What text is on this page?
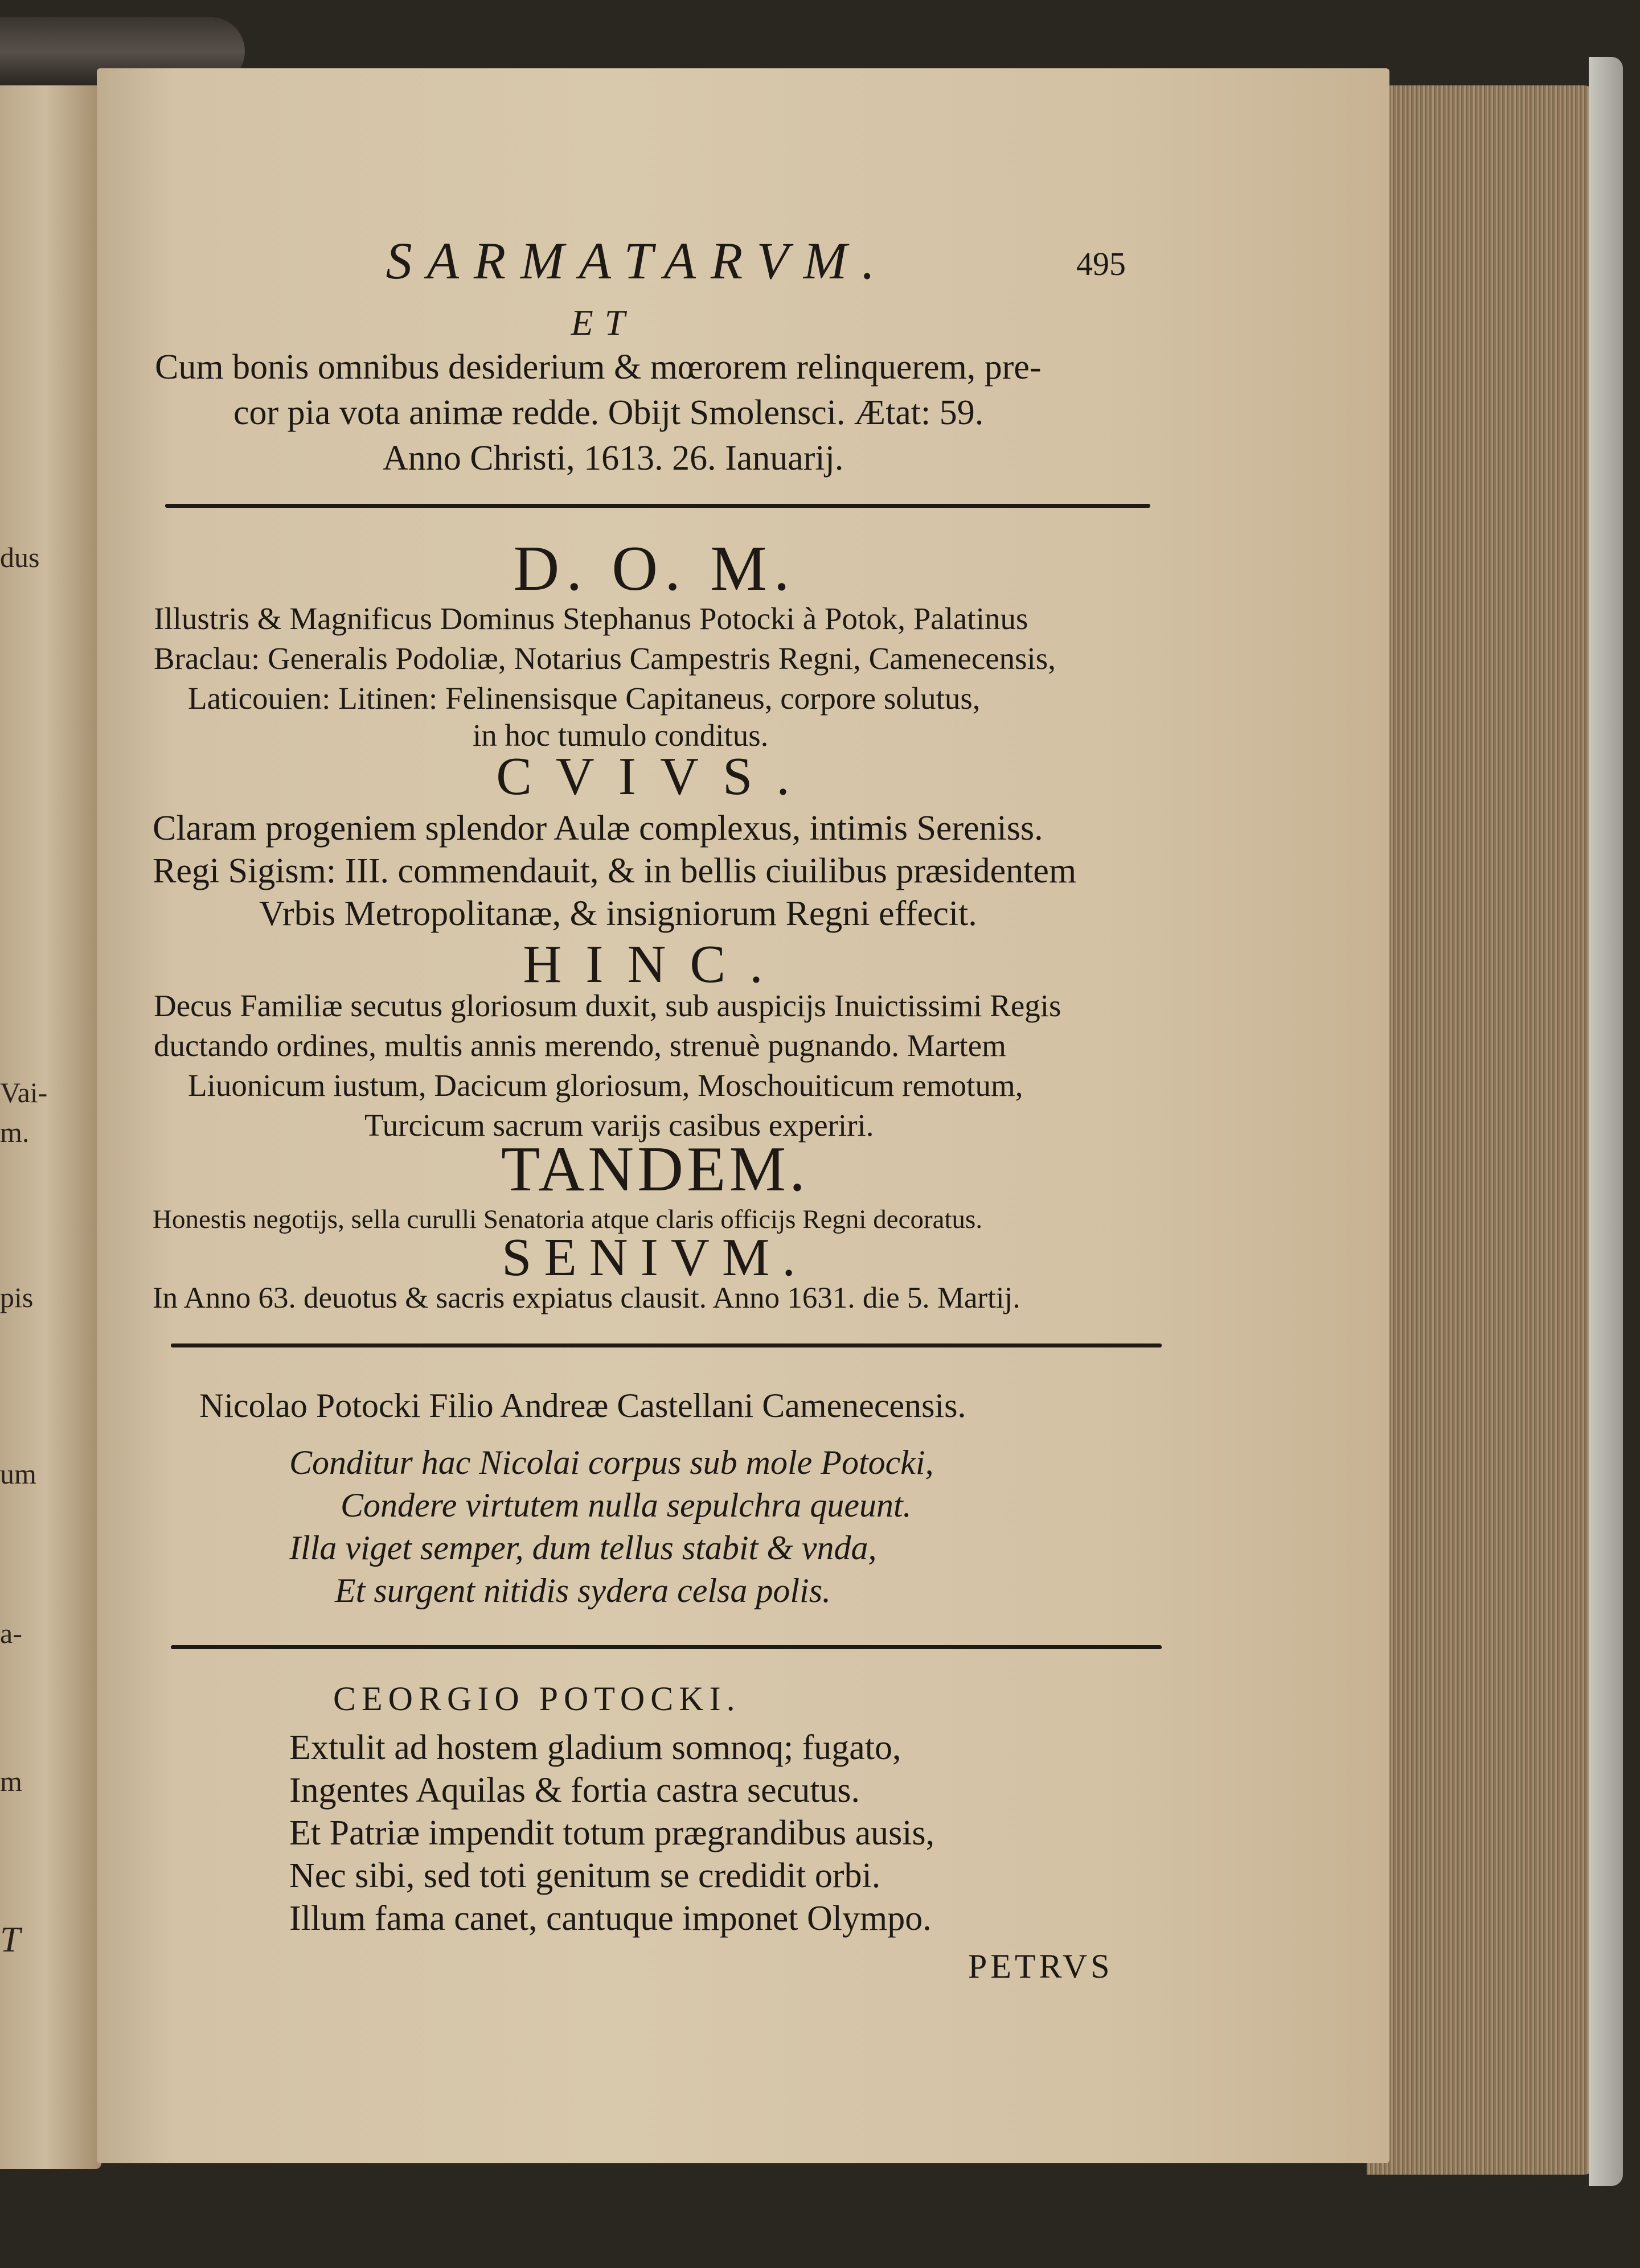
dus
Vai-
m.
pis
um
a-
m
T
SARMATARVM.	495
ET
Cum bonis omnibus desiderium & mœrorem relinquerem, pre-
cor pia vota animæ redde. Obijt Smolensci. Ætat: 59.
Anno Christi, 1613. 26. Ianuarij.
D. O. M.
Illustris & Magnificus Dominus Stephanus Potocki à Potok, Palatinus
Braclau: Generalis Podoliæ, Notarius Campestris Regni, Camenecensis,
Laticouien: Litinen: Felinensisque Capitaneus, corpore solutus,
in hoc tumulo conditus.
CVIVS.
Claram progeniem splendor Aulæ complexus, intimis Sereniss.
Regi Sigism: III. commendauit, & in bellis ciuilibus præsidentem
Vrbis Metropolitanæ, & insigniorum Regni effecit.
HINC.
Decus Familiæ secutus gloriosum duxit, sub auspicijs Inuictissimi Regis
ductando ordines, multis annis merendo, strenuè pugnando. Martem
Liuonicum iustum, Dacicum gloriosum, Moschouiticum remotum,
Turcicum sacrum varijs casibus experiri.
TANDEM.
Honestis negotijs, sella curulli Senatoria atque claris officijs Regni decoratus.
SENIVM.
In Anno 63. deuotus & sacris expiatus clausit. Anno 1631. die 5. Martij.
Nicolao Potocki Filio Andreæ Castellani Camenecensis.
Conditur hac Nicolai corpus sub mole Potocki,
Condere virtutem nulla sepulchra queunt.
Illa viget semper, dum tellus stabit & vnda,
Et surgent nitidis sydera celsa polis.
CEORGIO POTOCKI.
Extulit ad hostem gladium somnoq; fugato,
Ingentes Aquilas & fortia castra secutus.
Et Patriæ impendit totum prægrandibus ausis,
Nec sibi, sed toti genitum se credidit orbi.
Illum fama canet, cantuque imponet Olympo.
PETRVS
